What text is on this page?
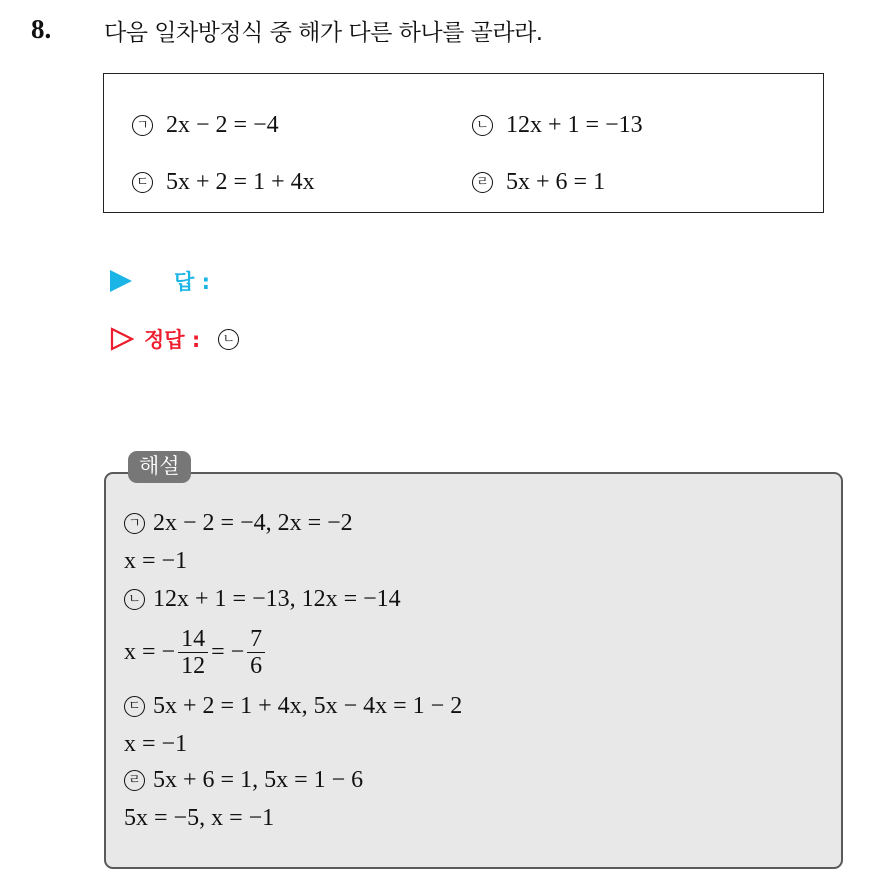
8. 다음 일차방정식 중 해가 다른 하나를 골라라.
ㄱ 2x − 2 = −4	ㄴ 12x + 1 = −13
ㄷ 5x + 2 = 1 + 4x	ㄹ 5x + 6 = 1
답 :
정답 :	ㄴ
해설
ㄱ 2x − 2 = −4, 2x = −2
x = −1
ㄴ 12x + 1 = −13, 12x = −14
x = − $\frac{14}{12}$ = − $\frac{7}{6}$
ㄷ 5x + 2 = 1 + 4x, 5x − 4x = 1 − 2
x = −1
ㄹ 5x + 6 = 1, 5x = 1 − 6
5x = −5, x = −1
